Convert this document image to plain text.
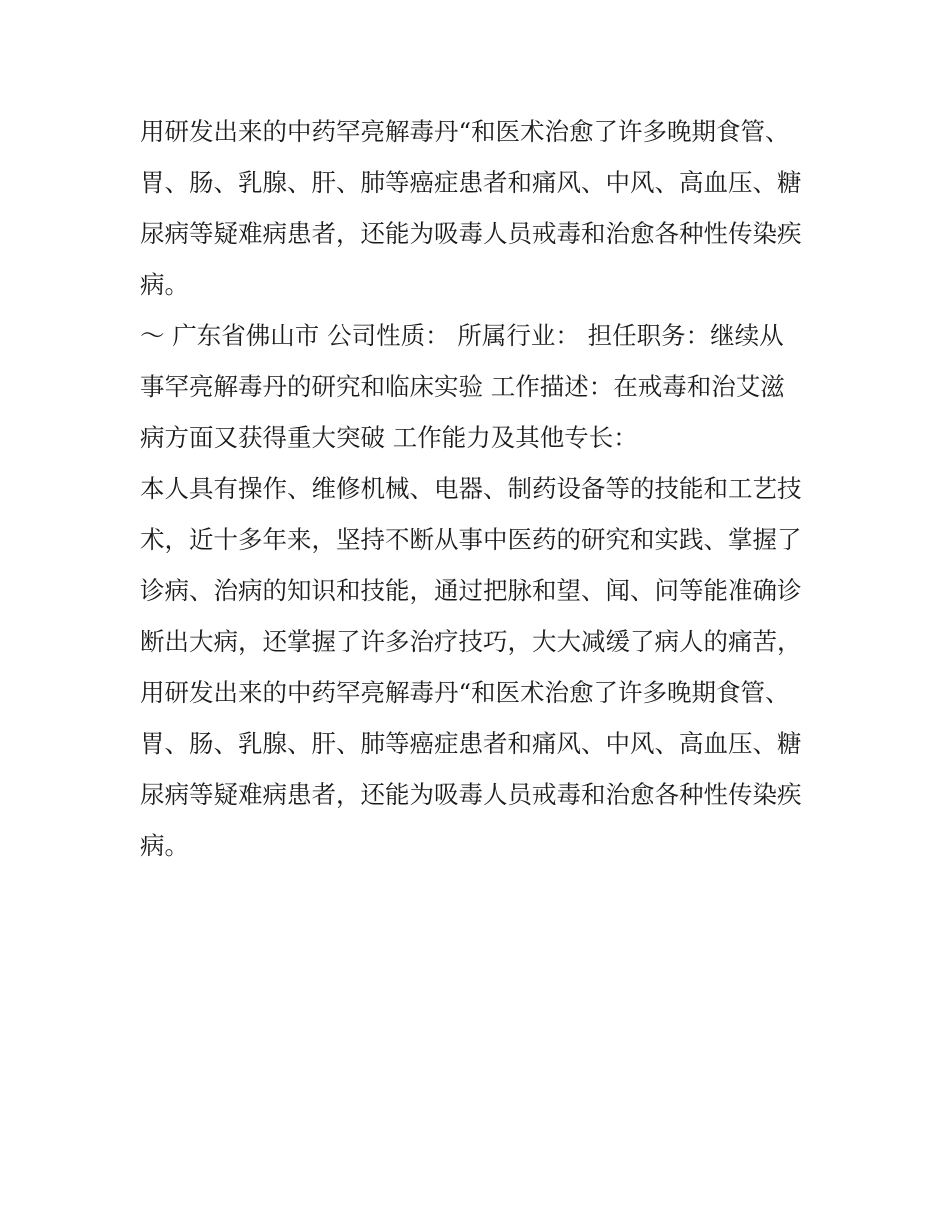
用研发出来的中药罕亮解毒丹“和医术治愈了许多晚期食管、
胃、肠、乳腺、肝、肺等癌症患者和痛风、中风、高血压、糖
尿病等疑难病患者，还能为吸毒人员戒毒和治愈各种性传染疾
病。
～ 广东省佛山市 公司性质： 所属行业： 担任职务：继续从
事罕亮解毒丹的研究和临床实验 工作描述：在戒毒和治艾滋
病方面又获得重大突破 工作能力及其他专长：
本人具有操作、维修机械、电器、制药设备等的技能和工艺技
术，近十多年来，坚持不断从事中医药的研究和实践、掌握了
诊病、治病的知识和技能，通过把脉和望、闻、问等能准确诊
断出大病，还掌握了许多治疗技巧，大大减缓了病人的痛苦，
用研发出来的中药罕亮解毒丹“和医术治愈了许多晚期食管、
胃、肠、乳腺、肝、肺等癌症患者和痛风、中风、高血压、糖
尿病等疑难病患者，还能为吸毒人员戒毒和治愈各种性传染疾
病。
